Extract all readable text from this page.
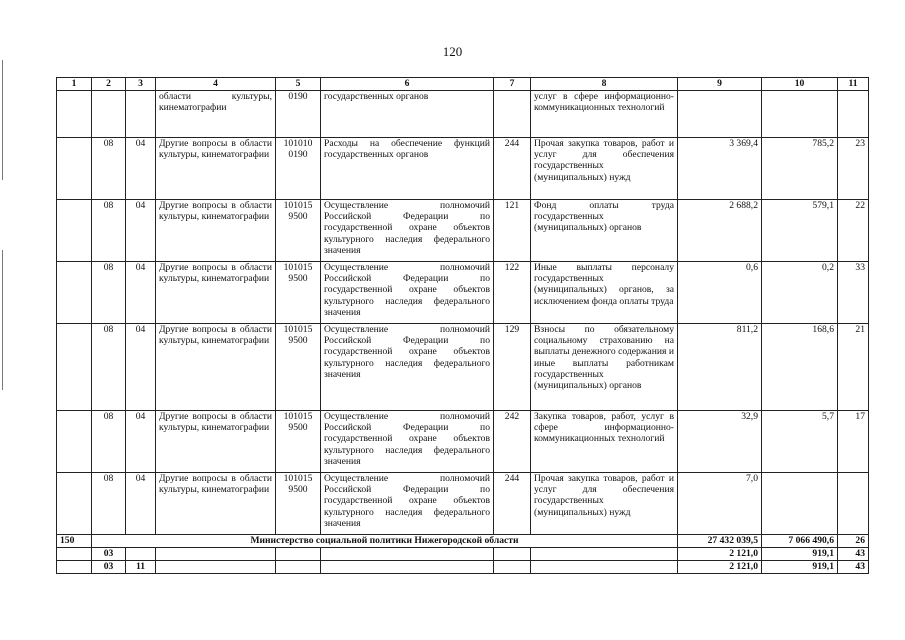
120
1	2	3	4	5	6	7	8	9	10	11
			области культуры, кинематографии	0190	государственных органов		услуг в сфере информационно-коммуникационных технологий			
	08	04	Другие вопросы в области культуры, кинематографии	101010 0190	Расходы на обеспечение функций государственных органов	244	Прочая закупка товаров, работ и услуг для обеспечения государственных (муниципальных) нужд	3 369,4	785,2	23
	08	04	Другие вопросы в области культуры, кинематографии	101015 9500	Осуществление полномочий Российской Федерации по государственной охране объектов культурного наследия федерального значения	121	Фонд оплаты труда государственных (муниципальных) органов	2 688,2	579,1	22
	08	04	Другие вопросы в области культуры, кинематографии	101015 9500	Осуществление полномочий Российской Федерации по государственной охране объектов культурного наследия федерального значения	122	Иные выплаты персоналу государственных (муниципальных) органов, за исключением фонда оплаты труда	0,6	0,2	33
	08	04	Другие вопросы в области культуры, кинематографии	101015 9500	Осуществление полномочий Российской Федерации по государственной охране объектов культурного наследия федерального значения	129	Взносы по обязательному социальному страхованию на выплаты денежного содержания и иные выплаты работникам государственных (муниципальных) органов	811,2	168,6	21
	08	04	Другие вопросы в области культуры, кинематографии	101015 9500	Осуществление полномочий Российской Федерации по государственной охране объектов культурного наследия федерального значения	242	Закупка товаров, работ, услуг в сфере информационно-коммуникационных технологий	32,9	5,7	17
	08	04	Другие вопросы в области культуры, кинематографии	101015 9500	Осуществление полномочий Российской Федерации по государственной охране объектов культурного наследия федерального значения	244	Прочая закупка товаров, работ и услуг для обеспечения государственных (муниципальных) нужд	7,0		
150	Министерство социальной политики Нижегородской области							27 432 039,5	7 066 490,6	26
	03							2 121,0	919,1	43
	03	11						2 121,0	919,1	43
